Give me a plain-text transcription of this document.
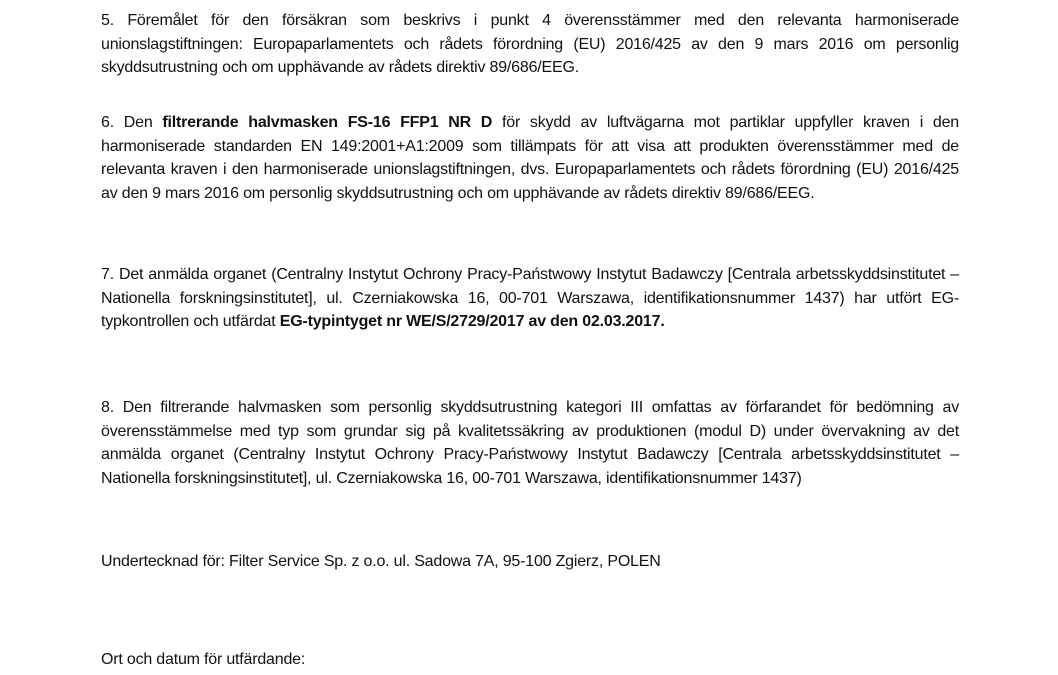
5. Föremålet för den försäkran som beskrivs i punkt 4 överensstämmer med den relevanta harmoniserade unionslagstiftningen: Europaparlamentets och rådets förordning (EU) 2016/425 av den 9 mars 2016 om personlig skyddsutrustning och om upphävande av rådets direktiv 89/686/EEG.

6. Den filtrerande halvmasken FS-16 FFP1 NR D för skydd av luftvägarna mot partiklar uppfyller kraven i den harmoniserade standarden EN 149:2001+A1:2009 som tillämpats för att visa att produkten överensstämmer med de relevanta kraven i den harmoniserade unionslagstiftningen, dvs. Europaparlamentets och rådets förordning (EU) 2016/425 av den 9 mars 2016 om personlig skyddsutrustning och om upphävande av rådets direktiv 89/686/EEG.

7. Det anmälda organet (Centralny Instytut Ochrony Pracy-Państwowy Instytut Badawczy [Centrala arbetsskyddsinstitutet – Nationella forskningsinstitutet], ul. Czerniakowska 16, 00-701 Warszawa, identifikationsnummer 1437) har utfört EG-typkontrollen och utfärdat EG-typintyget nr WE/S/2729/2017 av den 02.03.2017.

8. Den filtrerande halvmasken som personlig skyddsutrustning kategori III omfattas av förfarandet för bedömning av överensstämmelse med typ som grundar sig på kvalitetssäkring av produktionen (modul D) under övervakning av det anmälda organet (Centralny Instytut Ochrony Pracy-Państwowy Instytut Badawczy [Centrala arbetsskyddsinstitutet – Nationella forskningsinstitutet], ul. Czerniakowska 16, 00-701 Warszawa, identifikationsnummer 1437)

Undertecknad för: Filter Service Sp. z o.o. ul. Sadowa 7A, 95-100 Zgierz, POLEN

Ort och datum för utfärdande:
